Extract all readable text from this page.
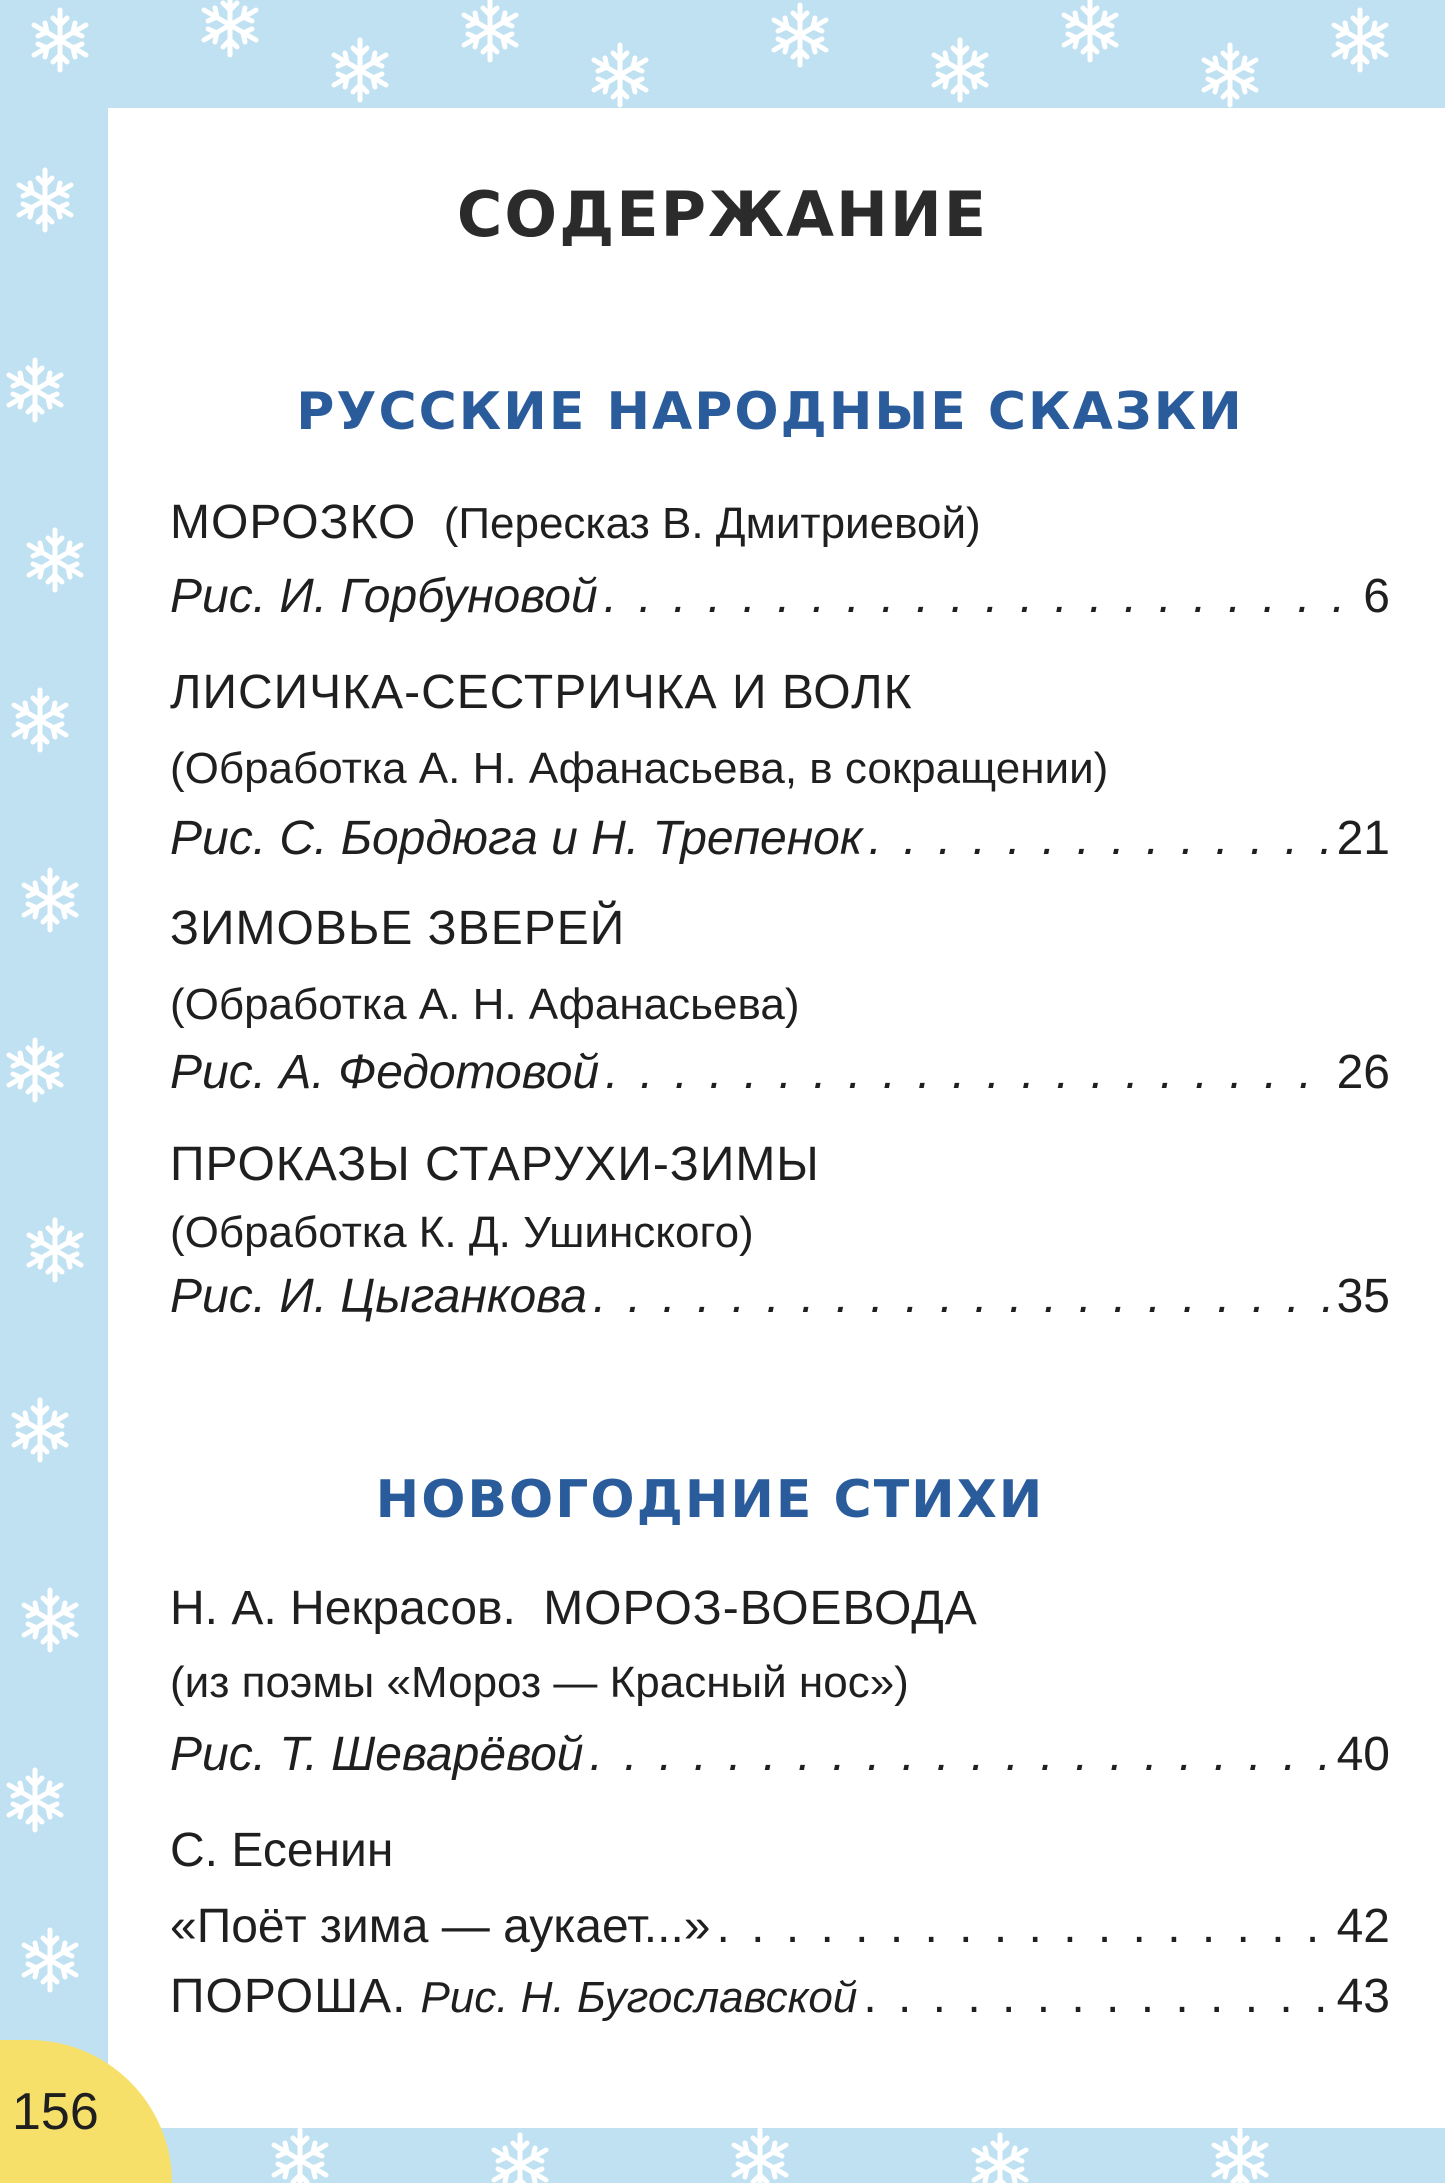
СОДЕРЖАНИЕ
РУССКИЕ НАРОДНЫЕ СКАЗКИ
МОРОЗКО (Пересказ В. Дмитриевой)
Рис. И. Горбуновой . . .	6
ЛИСИЧКА-СЕСТРИЧКА И ВОЛК
(Обработка А. Н. Афанасьева, в сокращении)
Рис. С. Бордюга и Н. Трепенок . . .	21
ЗИМОВЬЕ ЗВЕРЕЙ
(Обработка А. Н. Афанасьева)
Рис. А. Федотовой . . .	26
ПРОКАЗЫ СТАРУХИ-ЗИМЫ
(Обработка К. Д. Ушинского)
Рис. И. Цыганкова . . .	35
НОВОГОДНИЕ СТИХИ
Н. А. Некрасов. МОРОЗ-ВОЕВОДА
(из поэмы «Мороз — Красный нос»)
Рис. Т. Шеварёвой . . .	40
С. Есенин
«Поёт зима — аукает...» . . .	42
ПОРОША. Рис. Н. Бугославской . . .	43
156
